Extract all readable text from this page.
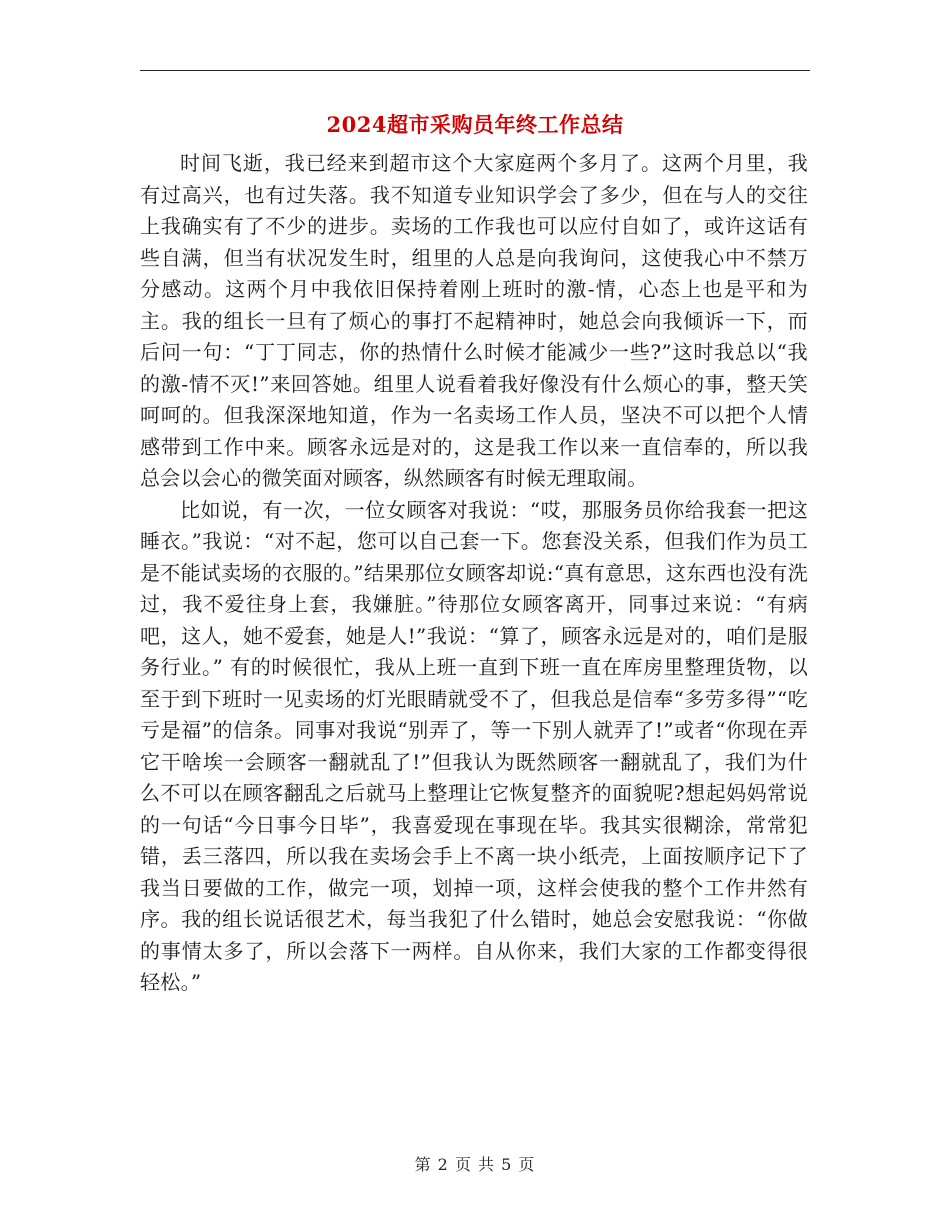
2024超市采购员年终工作总结

时间飞逝，我已经来到超市这个大家庭两个多月了。这两个月里，我有过高兴，也有过失落。我不知道专业知识学会了多少，但在与人的交往上我确实有了不少的进步。卖场的工作我也可以应付自如了，或许这话有些自满，但当有状况发生时，组里的人总是向我询问，这使我心中不禁万分感动。这两个月中我依旧保持着刚上班时的激-情，心态上也是平和为主。我的组长一旦有了烦心的事打不起精神时，她总会向我倾诉一下，而后问一句：“丁丁同志，你的热情什么时候才能减少一些?”这时我总以“我的激-情不灭!”来回答她。组里人说看着我好像没有什么烦心的事，整天笑呵呵的。但我深深地知道，作为一名卖场工作人员，坚决不可以把个人情感带到工作中来。顾客永远是对的，这是我工作以来一直信奉的，所以我总会以会心的微笑面对顾客，纵然顾客有时候无理取闹。

比如说，有一次，一位女顾客对我说：“哎，那服务员你给我套一把这睡衣。”我说：“对不起，您可以自己套一下。您套没关系，但我们作为员工是不能试卖场的衣服的。”结果那位女顾客却说:“真有意思，这东西也没有洗过，我不爱往身上套，我嫌脏。”待那位女顾客离开，同事过来说：“有病吧，这人，她不爱套，她是人!”我说：“算了，顾客永远是对的，咱们是服务行业。” 有的时候很忙，我从上班一直到下班一直在库房里整理货物，以至于到下班时一见卖场的灯光眼睛就受不了，但我总是信奉“多劳多得”“吃亏是福”的信条。同事对我说“别弄了，等一下别人就弄了!”或者“你现在弄它干啥埃一会顾客一翻就乱了!”但我认为既然顾客一翻就乱了，我们为什么不可以在顾客翻乱之后就马上整理让它恢复整齐的面貌呢?想起妈妈常说的一句话“今日事今日毕”，我喜爱现在事现在毕。我其实很糊涂，常常犯错，丢三落四，所以我在卖场会手上不离一块小纸壳，上面按顺序记下了我当日要做的工作，做完一项，划掉一项，这样会使我的整个工作井然有序。我的组长说话很艺术，每当我犯了什么错时，她总会安慰我说：“你做的事情太多了，所以会落下一两样。自从你来，我们大家的工作都变得很轻松。”

第 2 页 共 5 页
